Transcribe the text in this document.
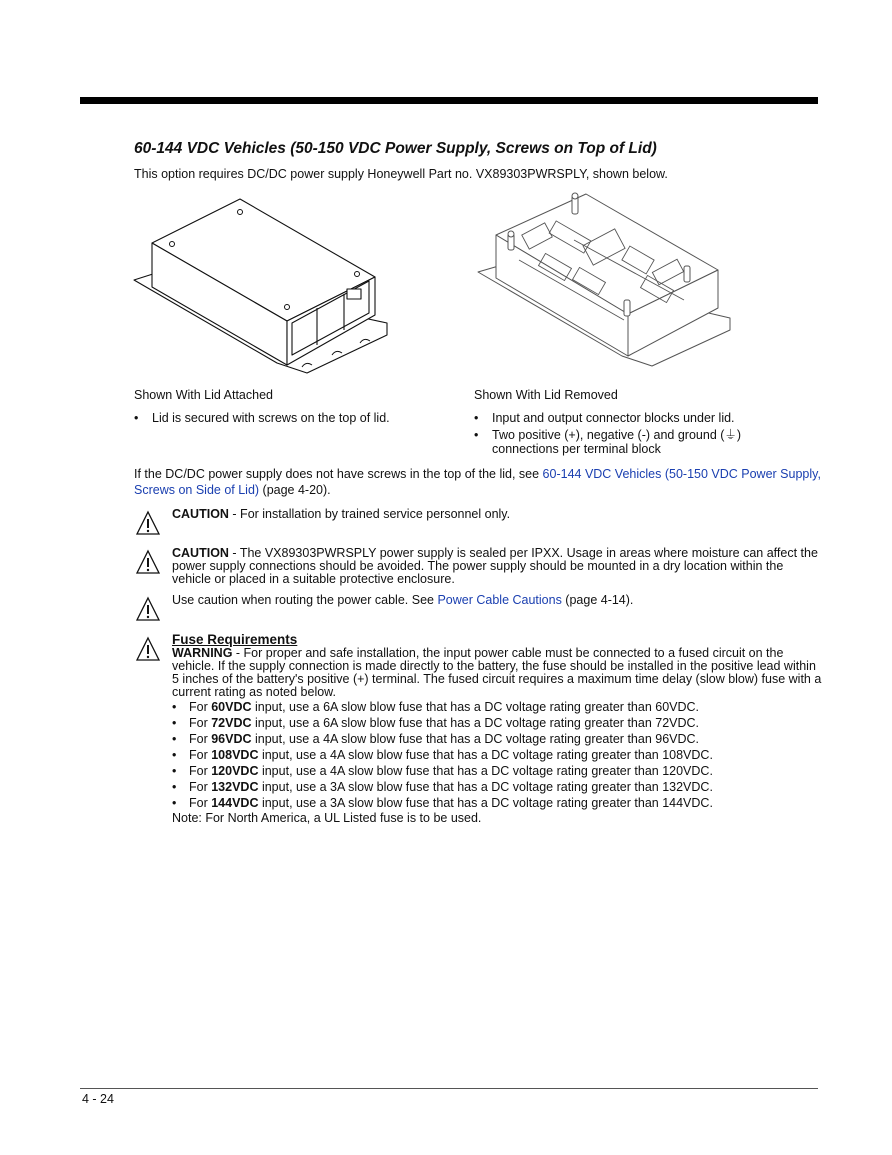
60-144 VDC Vehicles (50-150 VDC Power Supply, Screws on Top of Lid)
This option requires DC/DC power supply Honeywell Part no. VX89303PWRSPLY, shown below.
Shown With Lid Attached
• Lid is secured with screws on the top of lid.
Shown With Lid Removed
• Input and output connector blocks under lid.
• Two positive (+), negative (-) and ground (⏚)
connections per terminal block
If the DC/DC power supply does not have screws in the top of the lid, see 60-144 VDC Vehicles (50-150 VDC Power Supply, Screws on Side of Lid) (page 4-20).
CAUTION - For installation by trained service personnel only.
CAUTION - The VX89303PWRSPLY power supply is sealed per IPXX. Usage in areas where moisture can affect the power supply connections should be avoided. The power supply should be mounted in a dry location within the vehicle or placed in a suitable protective enclosure.
Use caution when routing the power cable. See Power Cable Cautions (page 4-14).
Fuse Requirements
WARNING - For proper and safe installation, the input power cable must be connected to a fused circuit on the vehicle. If the supply connection is made directly to the battery, the fuse should be installed in the positive lead within 5 inches of the battery's positive (+) terminal. The fused circuit requires a maximum time delay (slow blow) fuse with a current rating as noted below.
• For 60VDC input, use a 6A slow blow fuse that has a DC voltage rating greater than 60VDC.
• For 72VDC input, use a 6A slow blow fuse that has a DC voltage rating greater than 72VDC.
• For 96VDC input, use a 4A slow blow fuse that has a DC voltage rating greater than 96VDC.
• For 108VDC input, use a 4A slow blow fuse that has a DC voltage rating greater than 108VDC.
• For 120VDC input, use a 4A slow blow fuse that has a DC voltage rating greater than 120VDC.
• For 132VDC input, use a 3A slow blow fuse that has a DC voltage rating greater than 132VDC.
• For 144VDC input, use a 3A slow blow fuse that has a DC voltage rating greater than 144VDC.
Note: For North America, a UL Listed fuse is to be used.
4 - 24
